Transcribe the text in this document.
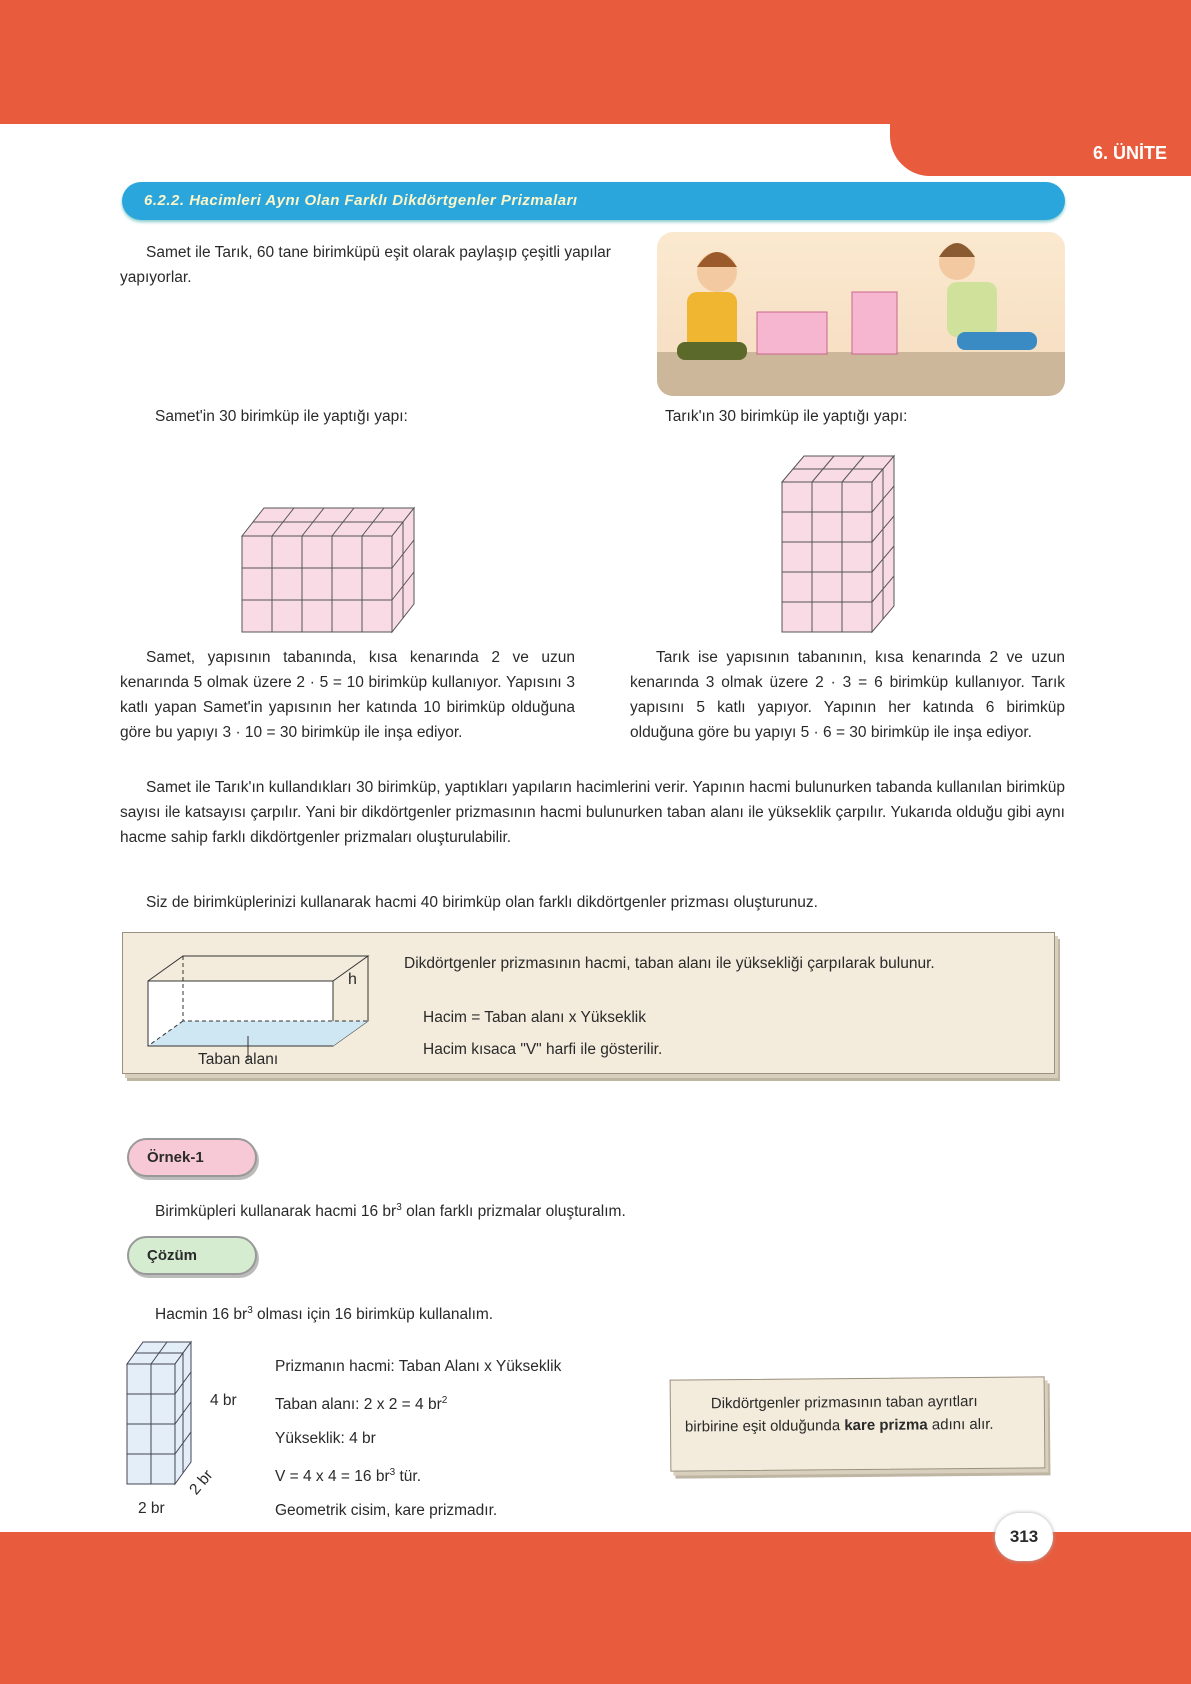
6. ÜNİTE
6.2.2. Hacimleri Aynı Olan Farklı Dikdörtgenler Prizmaları

Samet ile Tarık, 60 tane birimküpü eşit olarak paylaşıp çeşitli yapılar yapıyorlar.

Samet'in 30 birimküp ile yaptığı yapı:	Tarık'ın 30 birimküp ile yaptığı yapı:

Samet, yapısının tabanında, kısa kenarında 2 ve uzun kenarında 5 olmak üzere 2 · 5 = 10 birimküp kullanıyor. Yapısını 3 katlı yapan Samet'in yapısının her katında 10 birimküp olduğuna göre bu yapıyı 3 · 10 = 30 birimküp ile inşa ediyor.

Tarık ise yapısının tabanının, kısa kenarında 2 ve uzun kenarında 3 olmak üzere 2 · 3 = 6 birimküp kullanıyor. Tarık yapısını 5 katlı yapıyor. Yapının her katında 6 birimküp olduğuna göre bu yapıyı 5 · 6 = 30 birimküp ile inşa ediyor.

Samet ile Tarık'ın kullandıkları 30 birimküp, yaptıkları yapıların hacimlerini verir. Yapının hacmi bulunurken tabanda kullanılan birimküp sayısı ile katsayısı çarpılır. Yani bir dikdörtgenler prizmasının hacmi bulunurken taban alanı ile yükseklik çarpılır. Yukarıda olduğu gibi aynı hacme sahip farklı dikdörtgenler prizmaları oluşturulabilir.

Siz de birimküplerinizi kullanarak hacmi 40 birimküp olan farklı dikdörtgenler prizması oluşturunuz.

h
Taban alanı

Dikdörtgenler prizmasının hacmi, taban alanı ile yüksekliği çarpılarak bulunur.

Hacim = Taban alanı x Yükseklik

Hacim kısaca "V" harfi ile gösterilir.

Örnek-1

Birimküpleri kullanarak hacmi 16 $br^3$ olan farklı prizmalar oluşturalım.

Çözüm

Hacmin 16 $br^3$ olması için 16 birimküp kullanalım.

4 br
2 br
2 br

Prizmanın hacmi: Taban Alanı x Yükseklik

Taban alanı: 2 x 2 = 4 $br^2$

Yükseklik: 4 br

V = 4 x 4 = 16 $br^3$ tür.

Geometrik cisim, kare prizmadır.

Dikdörtgenler prizmasının taban ayrıtları birbirine eşit olduğunda kare prizma adını alır.

313
